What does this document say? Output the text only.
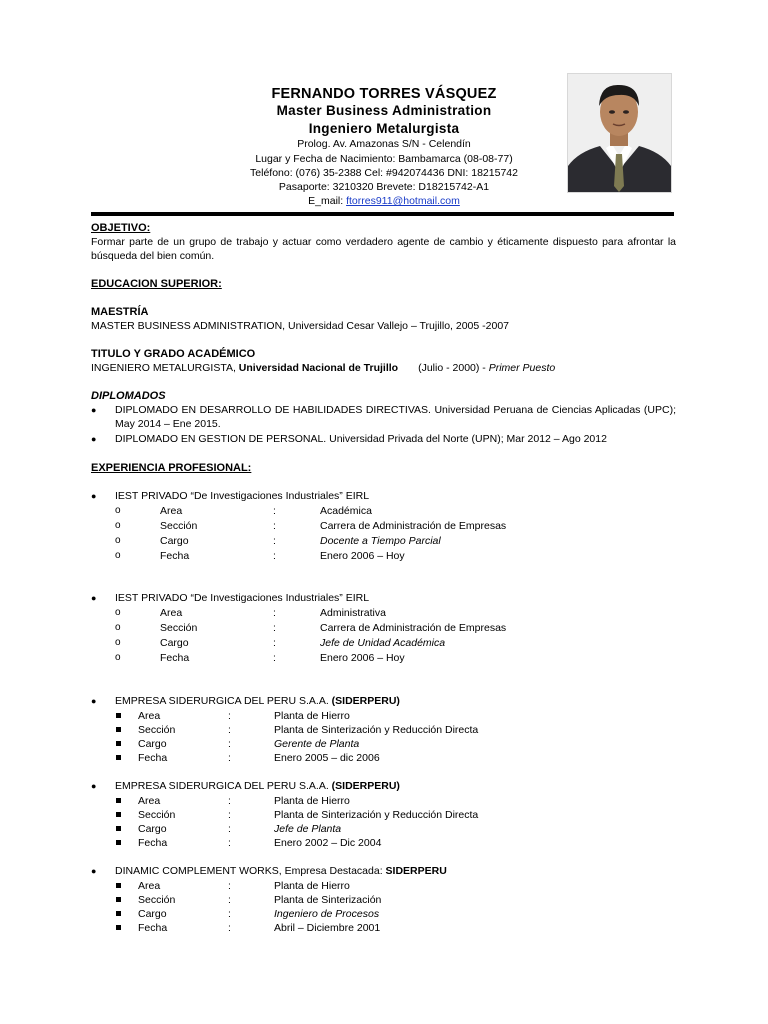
FERNANDO TORRES VÁSQUEZ
Master Business Administration
Ingeniero Metalurgista
Prolog. Av. Amazonas S/N - Celendín
Lugar y Fecha de Nacimiento: Bambamarca (08-08-77)
Teléfono: (076) 35-2388 Cel: #942074436 DNI: 18215742
Pasaporte: 3210320 Brevete: D18215742-A1
E_mail: ftorres911@hotmail.com
OBJETIVO:
Formar parte de un grupo de trabajo y actuar como verdadero agente de cambio y éticamente dispuesto para afrontar la búsqueda del bien común.
EDUCACION SUPERIOR:
MAESTRÍA
MASTER BUSINESS ADMINISTRATION, Universidad Cesar Vallejo – Trujillo, 2005 -2007
TITULO Y GRADO ACADÉMICO
INGENIERO METALURGISTA, Universidad Nacional de Trujillo (Julio - 2000) - Primer Puesto
DIPLOMADOS
● DIPLOMADO EN DESARROLLO DE HABILIDADES DIRECTIVAS. Universidad Peruana de Ciencias Aplicadas (UPC); May 2014 – Ene 2015.
● DIPLOMADO EN GESTION DE PERSONAL. Universidad Privada del Norte (UPN); Mar 2012 – Ago 2012
EXPERIENCIA PROFESIONAL:
● IEST PRIVADO “De Investigaciones Industriales” EIRL
o	Area	:	Académica
o	Sección	:	Carrera de Administración de Empresas
o	Cargo	:	Docente a Tiempo Parcial
o	Fecha	:	Enero 2006 – Hoy
● IEST PRIVADO “De Investigaciones Industriales” EIRL
o	Area	:	Administrativa
o	Sección	:	Carrera de Administración de Empresas
o	Cargo	:	Jefe de Unidad Académica
o	Fecha	:	Enero 2006 – Hoy
● EMPRESA SIDERURGICA DEL PERU S.A.A. (SIDERPERU)
Area	:	Planta de Hierro
Sección	:	Planta de Sinterización y Reducción Directa
Cargo	:	Gerente de Planta
Fecha	:	Enero 2005 – dic 2006
● EMPRESA SIDERURGICA DEL PERU S.A.A. (SIDERPERU)
Area	:	Planta de Hierro
Sección	:	Planta de Sinterización y Reducción Directa
Cargo	:	Jefe de Planta
Fecha	:	Enero 2002 – Dic 2004
● DINAMIC COMPLEMENT WORKS, Empresa Destacada: SIDERPERU
Area	:	Planta de Hierro
Sección	:	Planta de Sinterización
Cargo	:	Ingeniero de Procesos
Fecha	:	Abril – Diciembre 2001
